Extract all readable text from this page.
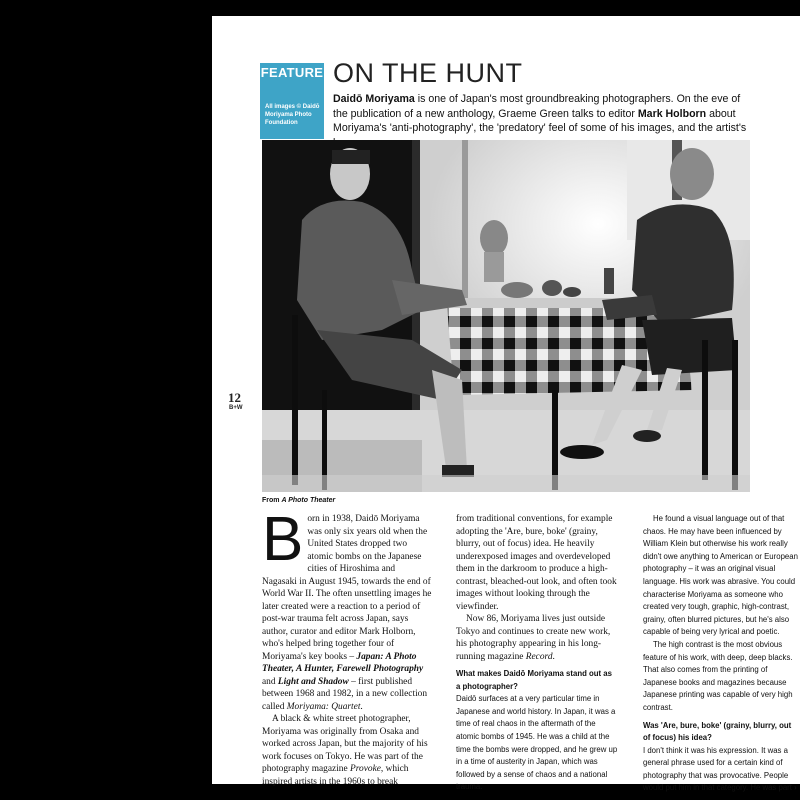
FEATURE
All images © Daidō Moriyama Photo Foundation
ON THE HUNT

Daidō Moriyama is one of Japan's most groundbreaking photographers. On the eve of the publication of a new anthology, Graeme Green talks to editor Mark Holborn about Moriyama's 'anti-photography', the 'predatory' feel of some of his images, and the artist's

12
B+W
From A Photo Theater
B orn in 1938, Daidō Moriyama was only six years old when the United States dropped two atomic bombs on the Japanese cities of Hiroshima and Nagasaki in August 1945, towards the end of World War II. The often unsettling images he later created were a reaction to a period of post-war trauma felt across Japan, says author, curator and editor Mark Holborn, who's helped bring together four of Moriyama's key books – Japan: A Photo Theater, A Hunter, Farewell Photography and Light and Shadow – first published between 1968 and 1982, in a new collection called Moriyama: Quartet.

A black & white street photographer, Moriyama was originally from Osaka and worked across Japan, but the majority of his work focuses on Tokyo. He was part of the photography magazine Provoke, which inspired artists in the 1960s to break

from traditional conventions, for example adopting the 'Are, bure, boke' (grainy, blurry, out of focus) idea. He heavily underexposed images and overdeveloped them in the darkroom to produce a high-contrast, bleached-out look, and often took images without looking through the viewfinder.

Now 86, Moriyama lives just outside Tokyo and continues to create new work, his photography appearing in his long-running magazine Record.

What makes Daidō Moriyama stand out as a photographer?

Daidō surfaces at a very particular time in Japanese and world history. In Japan, it was a time of real chaos in the aftermath of the atomic bombs of 1945. He was a child at the time the bombs were dropped, and he grew up in a time of austerity in Japan, which was followed by a sense of chaos and a national trauma.

He found a visual language out of that chaos. He may have been influenced by William Klein but otherwise his work really didn't owe anything to American or European photography – it was an original visual language. His work was abrasive. You could characterise Moriyama as someone who created very tough, graphic, high-contrast, grainy, often blurred pictures, but he's also capable of being very lyrical and poetic.

The high contrast is the most obvious feature of his work, with deep, deep blacks. That also comes from the printing of Japanese books and magazines because Japanese printing was capable of very high contrast.

Was 'Are, bure, boke' (grainy, blurry, out of focus) his idea?

I don't think it was his expression. It was a general phrase used for a certain kind of photography that was provocative. People would put him in that category. He was part ›
